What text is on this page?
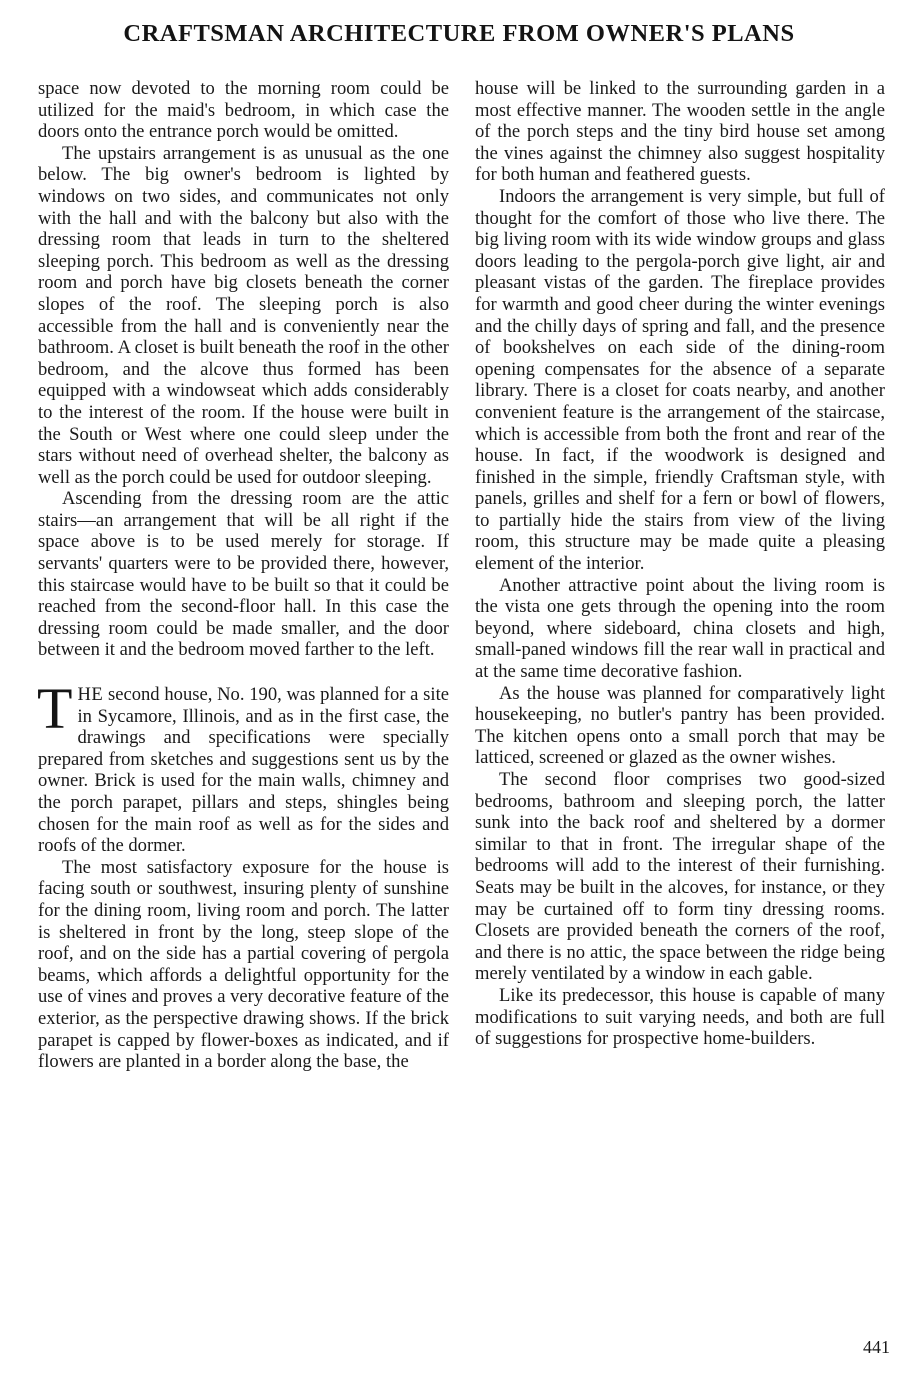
CRAFTSMAN ARCHITECTURE FROM OWNER'S PLANS

space now devoted to the morning room could be utilized for the maid's bedroom, in which case the doors onto the entrance porch would be omitted.

The upstairs arrangement is as unusual as the one below. The big owner's bedroom is lighted by windows on two sides, and communicates not only with the hall and with the balcony but also with the dressing room that leads in turn to the sheltered sleeping porch. This bedroom as well as the dressing room and porch have big closets beneath the corner slopes of the roof. The sleeping porch is also accessible from the hall and is conveniently near the bathroom. A closet is built beneath the roof in the other bedroom, and the alcove thus formed has been equipped with a windowseat which adds considerably to the interest of the room. If the house were built in the South or West where one could sleep under the stars without need of overhead shelter, the balcony as well as the porch could be used for outdoor sleeping.

Ascending from the dressing room are the attic stairs—an arrangement that will be all right if the space above is to be used merely for storage. If servants' quarters were to be provided there, however, this staircase would have to be built so that it could be reached from the second-floor hall. In this case the dressing room could be made smaller, and the door between it and the bedroom moved farther to the left.

THE second house, No. 190, was planned for a site in Sycamore, Illinois, and as in the first case, the drawings and specifications were specially prepared from sketches and suggestions sent us by the owner. Brick is used for the main walls, chimney and the porch parapet, pillars and steps, shingles being chosen for the main roof as well as for the sides and roofs of the dormer.

The most satisfactory exposure for the house is facing south or southwest, insuring plenty of sunshine for the dining room, living room and porch. The latter is sheltered in front by the long, steep slope of the roof, and on the side has a partial covering of pergola beams, which affords a delightful opportunity for the use of vines and proves a very decorative feature of the exterior, as the perspective drawing shows. If the brick parapet is capped by flower-boxes as indicated, and if flowers are planted in a border along the base, the

house will be linked to the surrounding garden in a most effective manner. The wooden settle in the angle of the porch steps and the tiny bird house set among the vines against the chimney also suggest hospitality for both human and feathered guests.

Indoors the arrangement is very simple, but full of thought for the comfort of those who live there. The big living room with its wide window groups and glass doors leading to the pergola-porch give light, air and pleasant vistas of the garden. The fireplace provides for warmth and good cheer during the winter evenings and the chilly days of spring and fall, and the presence of bookshelves on each side of the dining-room opening compensates for the absence of a separate library. There is a closet for coats nearby, and another convenient feature is the arrangement of the staircase, which is accessible from both the front and rear of the house. In fact, if the woodwork is designed and finished in the simple, friendly Craftsman style, with panels, grilles and shelf for a fern or bowl of flowers, to partially hide the stairs from view of the living room, this structure may be made quite a pleasing element of the interior.

Another attractive point about the living room is the vista one gets through the opening into the room beyond, where sideboard, china closets and high, small-paned windows fill the rear wall in practical and at the same time decorative fashion.

As the house was planned for comparatively light housekeeping, no butler's pantry has been provided. The kitchen opens onto a small porch that may be latticed, screened or glazed as the owner wishes.

The second floor comprises two good-sized bedrooms, bathroom and sleeping porch, the latter sunk into the back roof and sheltered by a dormer similar to that in front. The irregular shape of the bedrooms will add to the interest of their furnishing. Seats may be built in the alcoves, for instance, or they may be curtained off to form tiny dressing rooms. Closets are provided beneath the corners of the roof, and there is no attic, the space between the ridge being merely ventilated by a window in each gable.

Like its predecessor, this house is capable of many modifications to suit varying needs, and both are full of suggestions for prospective home-builders.

441
